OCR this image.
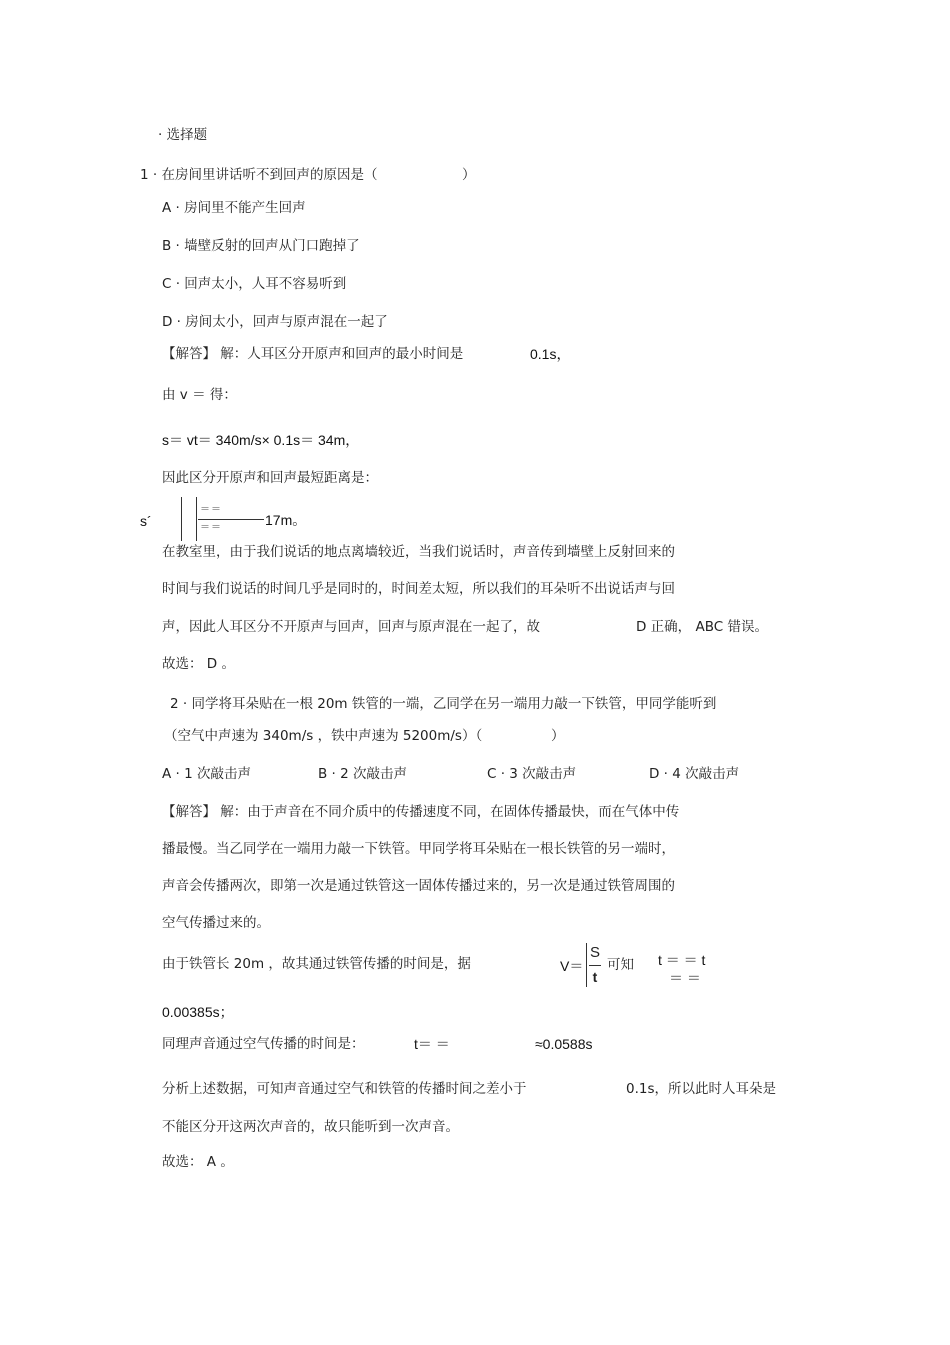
· 选择题
1 · 在房间里讲话听不到回声的原因是（	）
A · 房间里不能产生回声
B · 墙壁反射的回声从门口跑掉了
C · 回声太小，人耳不容易听到
D · 房间太小，回声与原声混在一起了
【解答】 解：人耳区分开原声和回声的最小时间是	0.1s，
由 v ＝ 得：
s＝ vt＝ 340m/s× 0.1s＝ 34m，
因此区分开原声和回声最短距离是：
s´
＝＝
＝＝	17m。
在教室里，由于我们说话的地点离墙较近，当我们说话时，声音传到墙壁上反射回来的
时间与我们说话的时间几乎是同时的，时间差太短，所以我们的耳朵听不出说话声与回
声，因此人耳区分不开原声与回声，回声与原声混在一起了，故	D 正确， ABC 错误。
故选： D 。
2 · 同学将耳朵贴在一根 20m 铁管的一端，乙同学在另一端用力敲一下铁管，甲同学能听到
（空气中声速为 340m/s ，铁中声速为 5200m/s）（	）
A · 1 次敲击声	B · 2 次敲击声	C · 3 次敲击声	D · 4 次敲击声
【解答】 解：由于声音在不同介质中的传播速度不同，在固体传播最快，而在气体中传
播最慢。当乙同学在一端用力敲一下铁管。甲同学将耳朵贴在一根长铁管的另一端时，
声音会传播两次，即第一次是通过铁管这一固体传播过来的，另一次是通过铁管周围的
空气传播过来的。
由于铁管长 20m ，故其通过铁管传播的时间是，据	V＝
S
t
可知 t ＝ ＝ t
＝ ＝
0.00385s；
同理声音通过空气传播的时间是：	t＝ ＝	≈0.0588s
分析上述数据，可知声音通过空气和铁管的传播时间之差小于	0.1s，所以此时人耳朵是
不能区分开这两次声音的，故只能听到一次声音。
故选： A 。
